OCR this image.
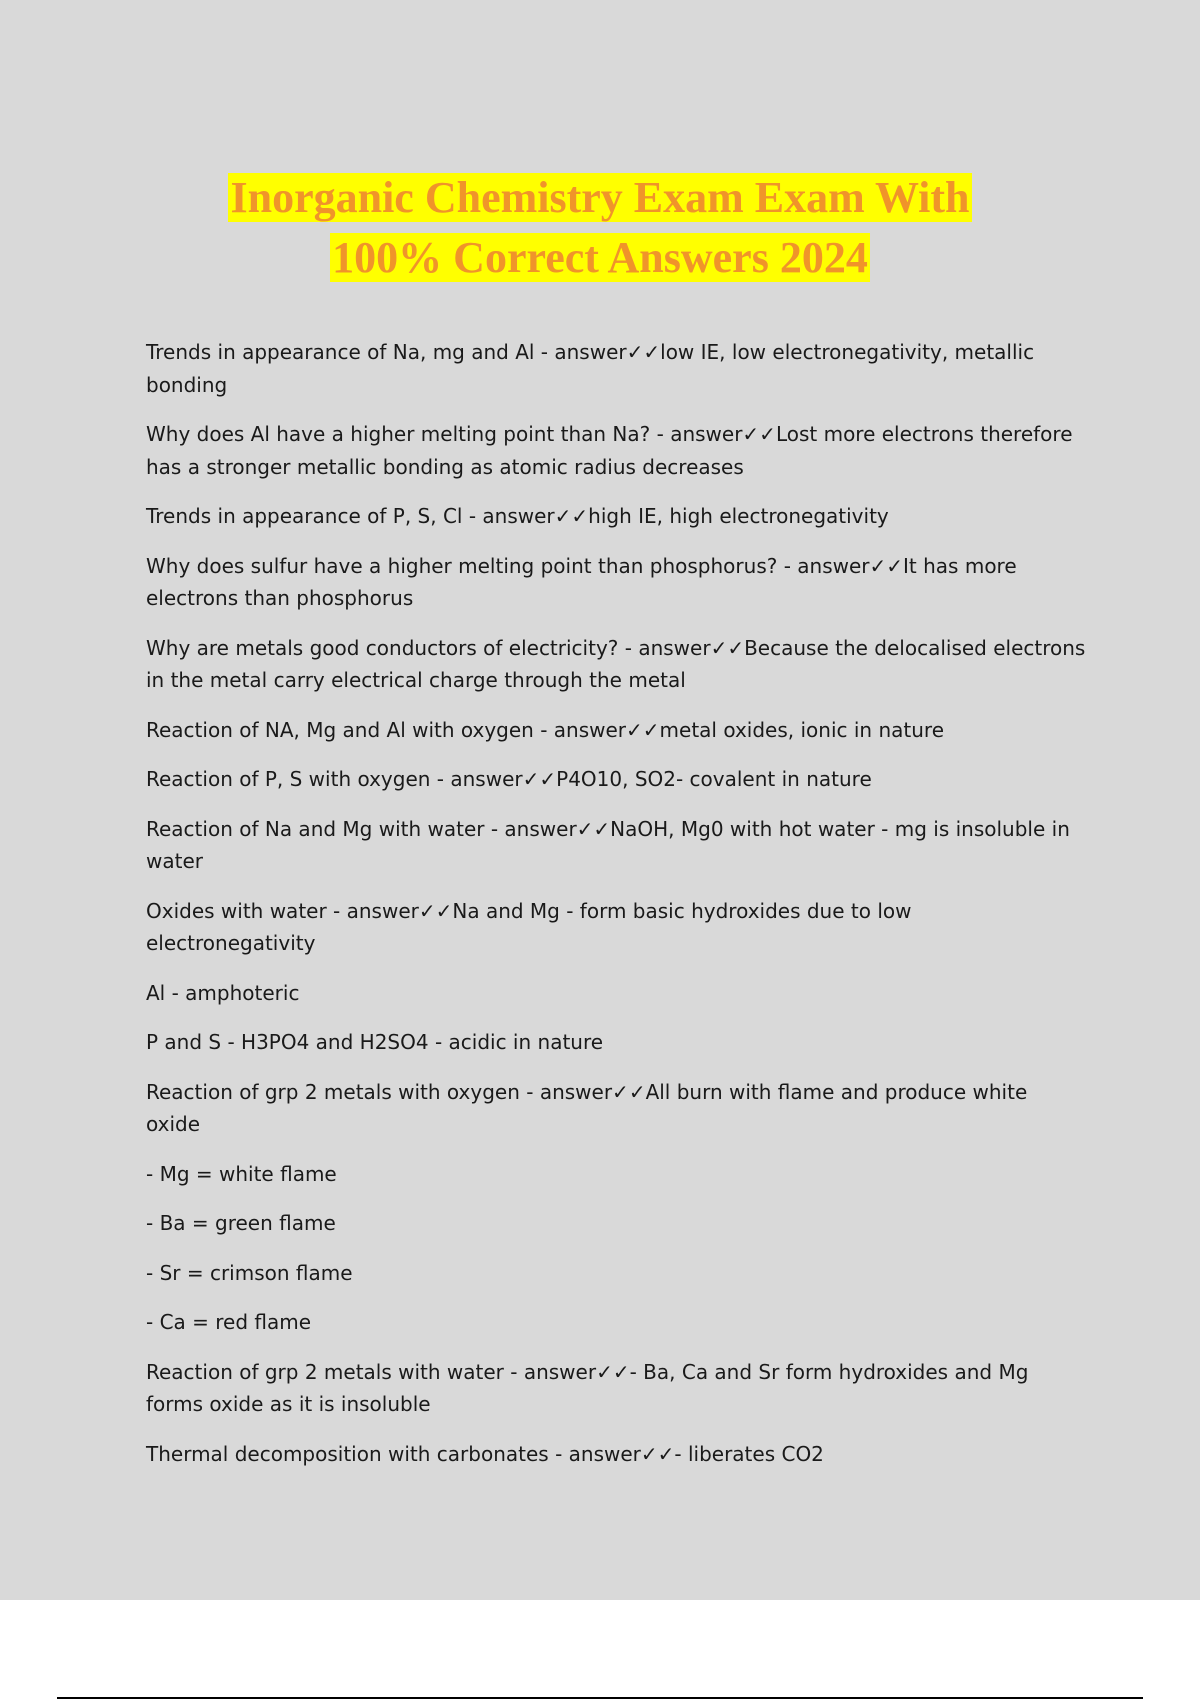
Inorganic Chemistry Exam Exam With
100% Correct Answers 2024

Trends in appearance of Na, mg and Al - answer✓✓low IE, low electronegativity, metallic bonding

Why does Al have a higher melting point than Na? - answer✓✓Lost more electrons therefore has a stronger metallic bonding as atomic radius decreases

Trends in appearance of P, S, Cl - answer✓✓high IE, high electronegativity

Why does sulfur have a higher melting point than phosphorus? - answer✓✓It has more electrons than phosphorus

Why are metals good conductors of electricity? - answer✓✓Because the delocalised electrons in the metal carry electrical charge through the metal

Reaction of NA, Mg and Al with oxygen - answer✓✓metal oxides, ionic in nature

Reaction of P, S with oxygen - answer✓✓P4O10, SO2- covalent in nature

Reaction of Na and Mg with water - answer✓✓NaOH, Mg0 with hot water - mg is insoluble in water

Oxides with water - answer✓✓Na and Mg - form basic hydroxides due to low electronegativity

Al - amphoteric

P and S - H3PO4 and H2SO4 - acidic in nature

Reaction of grp 2 metals with oxygen - answer✓✓All burn with flame and produce white oxide

- Mg = white flame

- Ba = green flame

- Sr = crimson flame

- Ca = red flame

Reaction of grp 2 metals with water - answer✓✓- Ba, Ca and Sr form hydroxides and Mg forms oxide as it is insoluble

Thermal decomposition with carbonates - answer✓✓- liberates CO2
